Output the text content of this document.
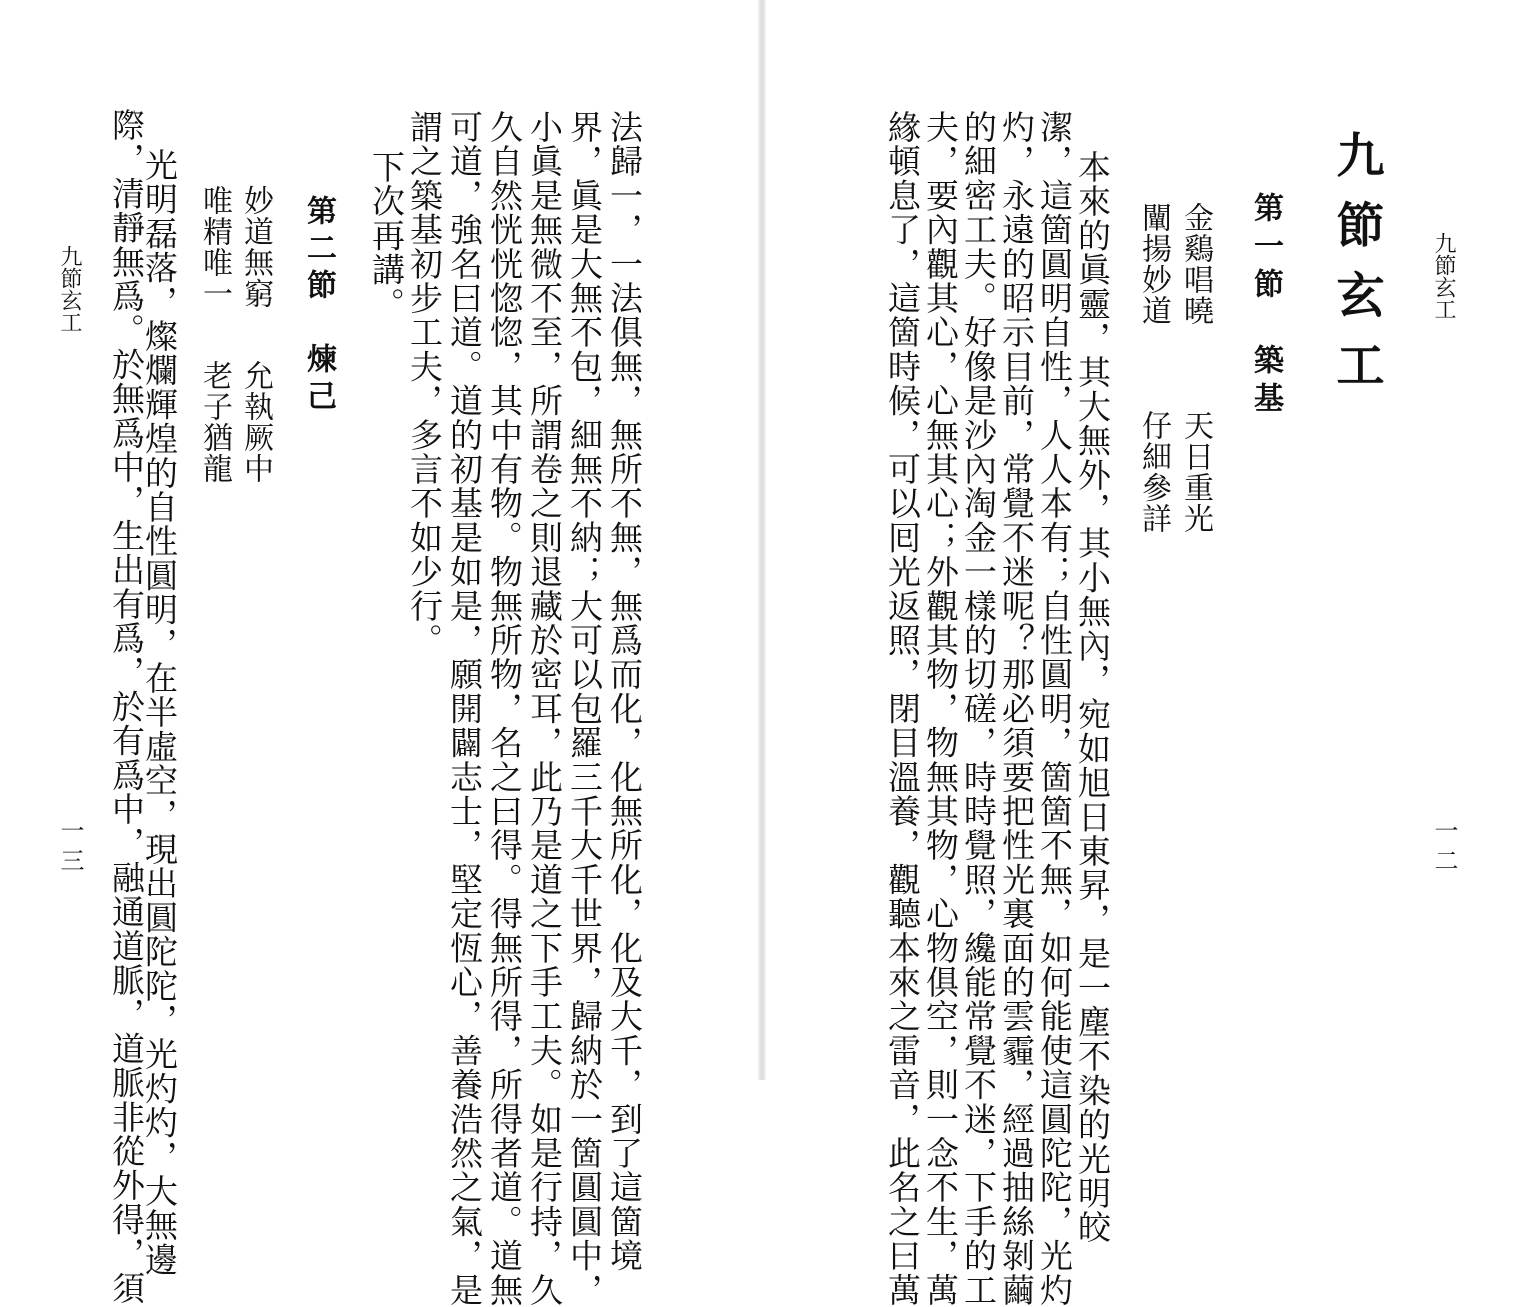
九節玄工
一三 際，清靜無爲。於無爲中，生出有爲，於有爲中，融通道脈，道脈非從外得，須
光明磊落，燦爛輝煌的自性圓明，在半虛空，現出圓陀陀，光灼灼，大無邊 唯精唯一
老子猶龍
妙道無窮
允執厥中
第二節　煉己 下次再講。 謂之築基初步工夫，多言不如少行。 可道，強名曰道。道的初基是如是，願開闢志士，堅定恆心，善養浩然之氣，是 久自然恍恍惚惚，其中有物。物無所物，名之曰得。得無所得，所得者道。道無 小眞是無微不至，所謂卷之則退藏於密耳，此乃是道之下手工夫。如是行持，久 界，眞是大無不包，細無不納；大可以包羅三千大千世界，歸納於一箇圓圓中， 法歸一，一法俱無，無所不無，無爲而化，化無所化，化及大千，到了這箇境	緣頓息了，這箇時候，可以囘光返照，閉目溫養，觀聽本來之雷音，此名之曰萬 夫，要內觀其心，心無其心；外觀其物，物無其物，心物俱空，則一念不生，萬 的細密工夫。好像是沙內淘金一樣的切磋，時時覺照，纔能常覺不迷，下手的工 灼，永遠的昭示目前，常覺不迷呢？那必須要把性光裏面的雲霾，經過抽絲剝繭 潔，這箇圓明自性，人人本有；自性圓明，箇箇不無，如何能使這圓陀陀，光灼 本來的眞靈，其大無外，其小無內，宛如旭日東昇，是一塵不染的光明皎 闡揚妙道
仔細參詳
金鷄唱曉
天日重光
第一節　築基 九節玄工 九節玄工
一二
